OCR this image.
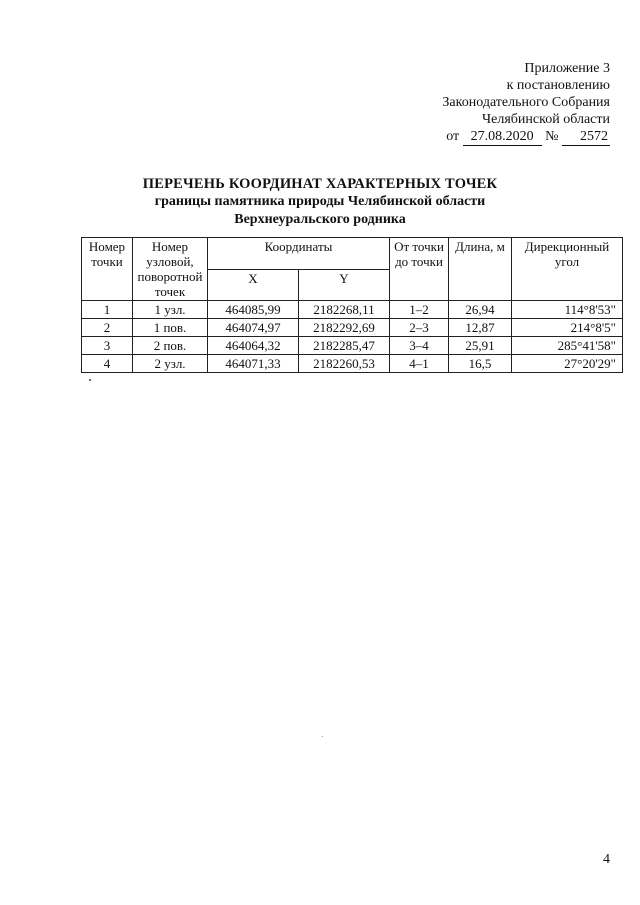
Приложение 3
к постановлению
Законодательного Собрания
Челябинской области
от 27.08.2020 № 2572
ПЕРЕЧЕНЬ КООРДИНАТ ХАРАКТЕРНЫХ ТОЧЕК
границы памятника природы Челябинской области
Верхнеуральского родника
Номер точки	Номер узловой, поворотной точек	Координаты		От точки до точки	Длина, м	Дирекционный угол
		X	Y			
1	1 узл.	464085,99	2182268,11	1–2	26,94	114°8'53"
2	1 пов.	464074,97	2182292,69	2–3	12,87	214°8'5"
3	2 пов.	464064,32	2182285,47	3–4	25,91	285°41'58"
4	2 узл.	464071,33	2182260,53	4–1	16,5	27°20'29"
4
